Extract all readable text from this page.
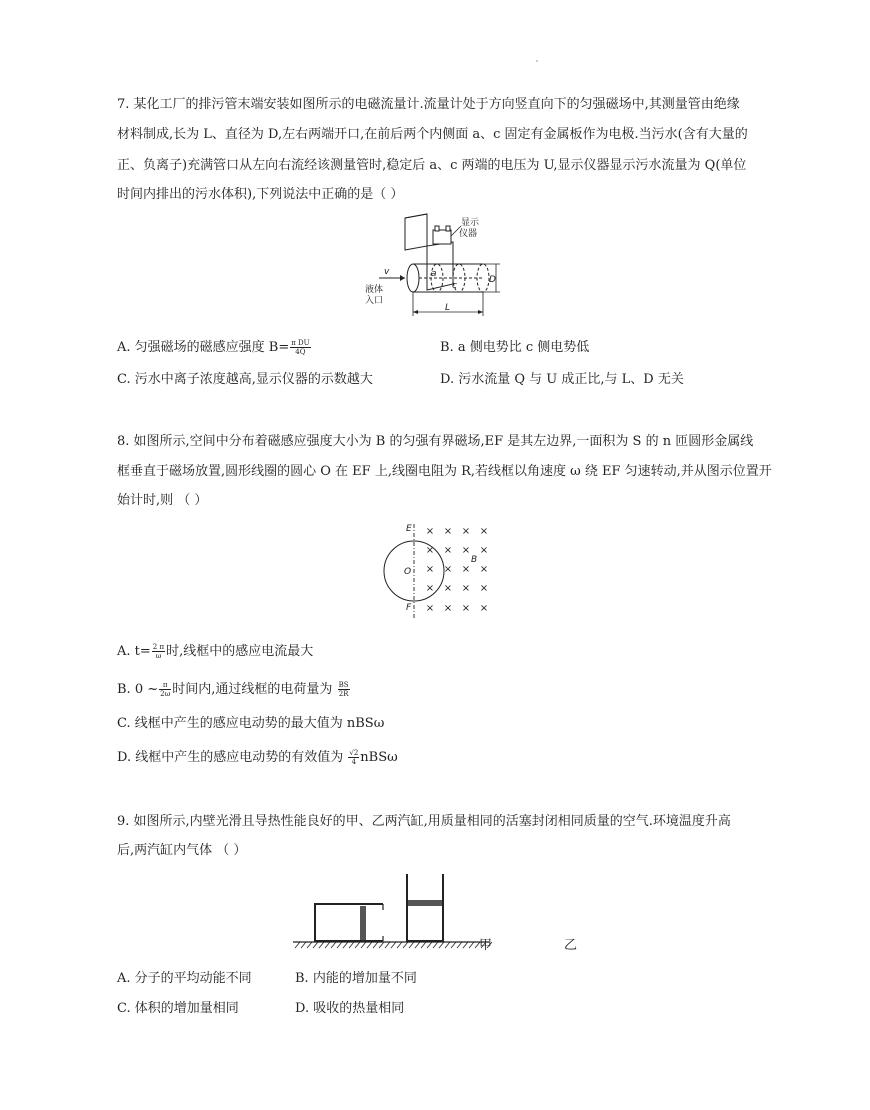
7. 某化工厂的排污管末端安装如图所示的电磁流量计.流量计处于方向竖直向下的匀强磁场中,其测量管由绝缘
材料制成,长为 L、直径为 D,左右两端开口,在前后两个内侧面 a、c 固定有金属板作为电极.当污水(含有大量的
正、负离子)充满管口从左向右流经该测量管时,稳定后 a、c 两端的电压为 U,显示仪器显示污水流量为 Q(单位
时间内排出的污水体积),下列说法中正确的是（ ）
显示
仪器
a
c
v
液体
入口
D
L
A. 匀强磁场的磁感应强度 $B= \frac{\text{π DU}}{4Q}$	B. a 侧电势比 c 侧电势低
C. 污水中离子浓度越高,显示仪器的示数越大	D. 污水流量 Q 与 U 成正比,与 L、D 无关
8. 如图所示,空间中分布着磁感应强度大小为 B 的匀强有界磁场,EF 是其左边界,一面积为 S 的 n 匝圆形金属线
框垂直于磁场放置,圆形线圈的圆心 O 在 EF 上,线圈电阻为 R,若线框以角速度 ω 绕 EF 匀速转动,并从图示位置开
始计时,则 （ ）
E
F
O
B
× × × ×
× × ×
× × × ×
× × × ×
× × × ×
×
A. $t= \frac{2 \pi}{\omega}$ 时,线框中的感应电流最大
B. 0 ~ $\frac{\pi}{2\omega}$ 时间内,通过线框的电荷量为 $\frac{BS}{2R}$
C. 线框中产生的感应电动势的最大值为 nBSω
D. 线框中产生的感应电动势的有效值为 $\frac{√2}{4}$ nBSω
9. 如图所示,内壁光滑且导热性能良好的甲、乙两汽缸,用质量相同的活塞封闭相同质量的空气.环境温度升高
后,两汽缸内气体 （ ）
甲	乙
A. 分子的平均动能不同	B. 内能的增加量不同
C. 体积的增加量相同	D. 吸收的热量相同
